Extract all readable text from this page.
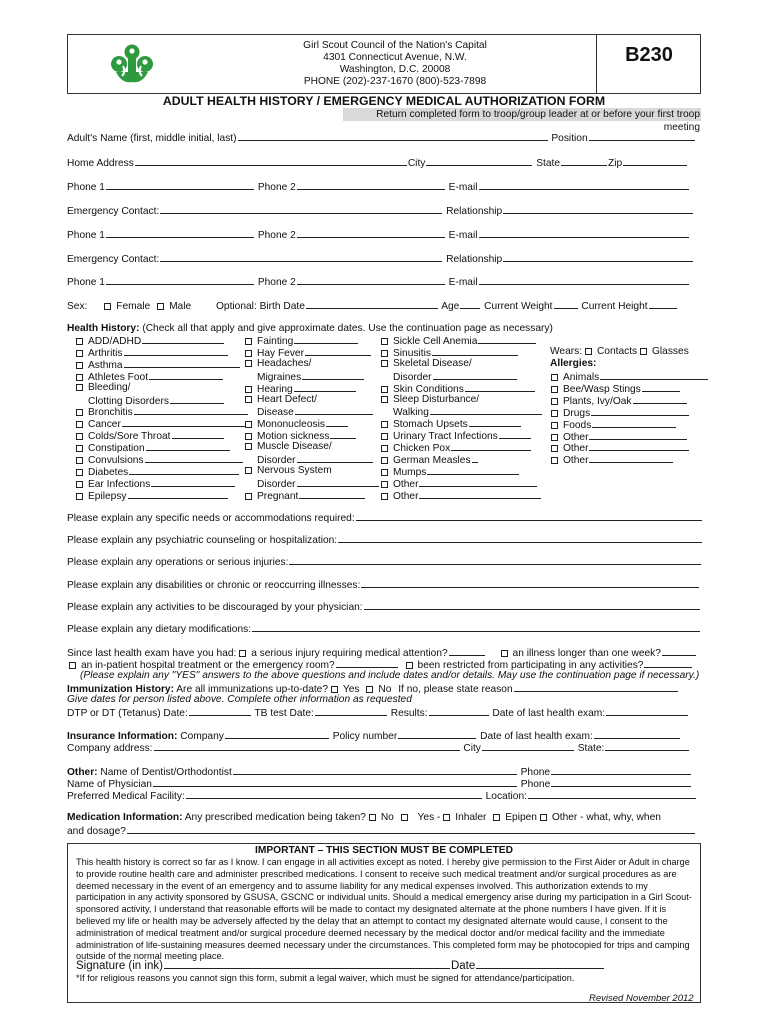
Girl Scout Council of the Nation's Capital
4301 Connecticut Avenue, N.W.
Washington, D.C. 20008
PHONE (202)-237-1670 (800)-523-7898
B230
ADULT HEALTH HISTORY / EMERGENCY MEDICAL AUTHORIZATION FORM
Return completed form to troop/group leader at or before your first troop meeting
Adult's Name (first, middle initial, last)	Position
Home Address	City	State	Zip
Phone 1	Phone 2	E-mail
Emergency Contact:	Relationship
Phone 1	Phone 2	E-mail
Emergency Contact:	Relationship
Phone 1	Phone 2	E-mail
Sex:	Female Male Optional: Birth Date	Age Current Weight	Current Height
Health History: (Check all that apply and give approximate dates. Use the continuation page as necessary)
ADD/ADHD
Arthritis
Asthma
Athletes Foot
Bleeding/
Clotting Disorders
Bronchitis
Cancer
Colds/Sore Throat
Constipation
Convulsions
Diabetes
Ear Infections
Epilepsy
Fainting
Hay Fever
Headaches/
Migraines
Hearing
Heart Defect/
Disease
Mononucleosis
Motion sickness
Muscle Disease/
Disorder
Nervous System
Disorder
Pregnant
Sickle Cell Anemia
Sinusitis
Skeletal Disease/
Disorder
Skin Conditions
Sleep Disturbance/
Walking
Stomach Upsets
Urinary Tract Infections
Chicken Pox
German Measles
Mumps
Other
Other
Wears: Contacts Glasses
Allergies:
Animals
Bee/Wasp Stings
Plants, Ivy/Oak
Drugs
Foods
Other
Other
Other
Please explain any specific needs or accommodations required:
Please explain any psychiatric counseling or hospitalization:
Please explain any operations or serious injuries:
Please explain any disabilities or chronic or reoccurring illnesses:
Please explain any activities to be discouraged by your physician:
Please explain any dietary modifications:
Since last health exam have you had: a serious injury requiring medical attention?	an illness longer than one week?
an in-patient hospital treatment or the emergency room?	been restricted from participating in any activities?
(Please explain any "YES" answers to the above questions and include dates and/or details. May use the continuation page if necessary.)
Immunization History: Are all immunizations up-to-date? Yes No If no, please state reason
Give dates for person listed above. Complete other information as requested
DTP or DT (Tetanus) Date:	TB test Date:	Results:	Date of last health exam:
Insurance Information: Company	Policy number	Date of last health exam:
Company address:	City	State:
Other: Name of Dentist/Orthodontist	Phone
Name of Physician	Phone
Preferred Medical Facility:	Location:
Medication Information: Any prescribed medication being taken? No Yes - Inhaler Epipen Other - what, why, when
and dosage?
IMPORTANT – THIS SECTION MUST BE COMPLETED
This health history is correct so far as I know. I can engage in all activities except as noted. I hereby give permission to the First Aider or Adult in charge to provide routine health care and administer prescribed medications. I consent to receive such medical treatment and/or surgical procedures as are deemed necessary in the event of an emergency and to assume liability for any medical expenses involved. This authorization extends to my participation in any activity sponsored by GSUSA, GSCNC or individual units. Should a medical emergency arise during my participation in a Girl Scout-sponsored activity, I understand that reasonable efforts will be made to contact my designated alternate at the phone numbers I have given. If it is believed my life or health may be adversely affected by the delay that an attempt to contact my designated alternate would cause, I consent to the administration of medical treatment and/or surgical procedure deemed necessary by the medical doctor and/or medical facility and the immediate administration of life-sustaining measures deemed necessary under the circumstances. This completed form may be photocopied for trips and camping outside of the normal meeting place.
Signature (in ink)	Date
*If for religious reasons you cannot sign this form, submit a legal waiver, which must be signed for attendance/participation.
Revised November 2012
